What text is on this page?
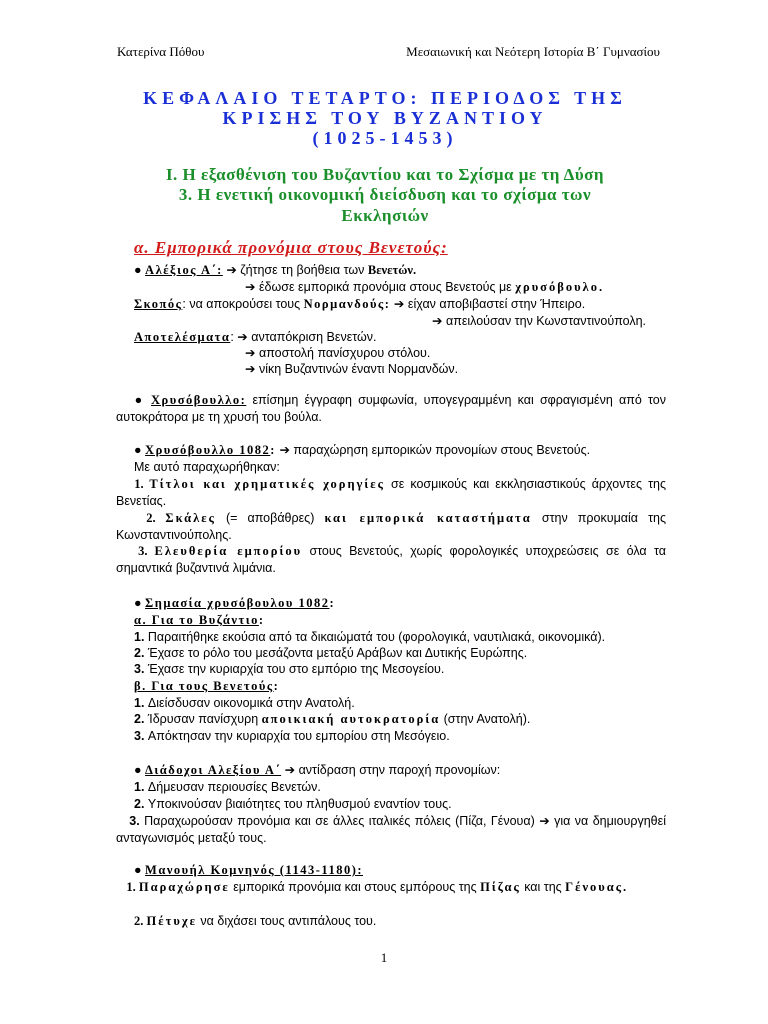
Κατερίνα Πόθου	Μεσαιωνική και Νεότερη Ιστορία Β΄ Γυμνασίου
ΚΕΦΑΛΑΙΟ ΤΕΤΑΡΤΟ: ΠΕΡΙΟΔΟΣ ΤΗΣ
ΚΡΙΣΗΣ ΤΟΥ ΒΥΖΑΝΤΙΟΥ
(1025-1453)
Ι. Η εξασθένιση του Βυζαντίου και το Σχίσμα με τη Δύση
3. Η ενετική οικονομική διείσδυση και το σχίσμα των
Εκκλησιών
α. Εμπορικά προνόμια στους Βενετούς:
● Αλέξιος Α΄: ➔ ζήτησε τη βοήθεια των Βενετών.
➔ έδωσε εμπορικά προνόμια στους Βενετούς με χρυσόβουλο.
Σκοπός: να αποκρούσει τους Νορμανδούς: ➔ είχαν αποβιβαστεί στην Ήπειρο.
➔ απειλούσαν την Κωνσταντινούπολη.
Αποτελέσματα: ➔ ανταπόκριση Βενετών.
➔ αποστολή πανίσχυρου στόλου.
➔ νίκη Βυζαντινών έναντι Νορμανδών.
● Χρυσόβουλλο: επίσημη έγγραφη συμφωνία, υπογεγραμμένη και σφραγισμένη από τον αυτοκράτορα με τη χρυσή του βούλα.
● Χρυσόβουλλο 1082: ➔ παραχώρηση εμπορικών προνομίων στους Βενετούς.
Με αυτό παραχωρήθηκαν:
1. Τίτλοι και χρηματικές χορηγίες σε κοσμικούς και εκκλησιαστικούς άρχοντες της Βενετίας.
2. Σκάλες (= αποβάθρες) και εμπορικά καταστήματα στην προκυμαία της Κωνσταντινούπολης.
3. Ελευθερία εμπορίου στους Βενετούς, χωρίς φορολογικές υποχρεώσεις σε όλα τα σημαντικά βυζαντινά λιμάνια.
● Σημασία χρυσόβουλου 1082:
α. Για το Βυζάντιο:
1. Παραιτήθηκε εκούσια από τα δικαιώματά του (φορολογικά, ναυτιλιακά, οικονομικά).
2. Έχασε το ρόλο του μεσάζοντα μεταξύ Αράβων και Δυτικής Ευρώπης.
3. Έχασε την κυριαρχία του στο εμπόριο της Μεσογείου.
β. Για τους Βενετούς:
1. Διείσδυσαν οικονομικά στην Ανατολή.
2. Ίδρυσαν πανίσχυρη αποικιακή αυτοκρατορία (στην Ανατολή).
3. Απόκτησαν την κυριαρχία του εμπορίου στη Μεσόγειο.
● Διάδοχοι Αλεξίου Α΄ ➔ αντίδραση στην παροχή προνομίων:
1. Δήμευσαν περιουσίες Βενετών.
2. Υποκινούσαν βιαιότητες του πληθυσμού εναντίον τους.
3. Παραχωρούσαν προνόμια και σε άλλες ιταλικές πόλεις (Πίζα, Γένουα) ➔ για να δημιουργηθεί ανταγωνισμός μεταξύ τους.
● Μανουήλ Κομνηνός (1143-1180):
1. Παραχώρησε εμπορικά προνόμια και στους εμπόρους της Πίζας και της Γένουας.
2. Πέτυχε να διχάσει τους αντιπάλους του.
1
